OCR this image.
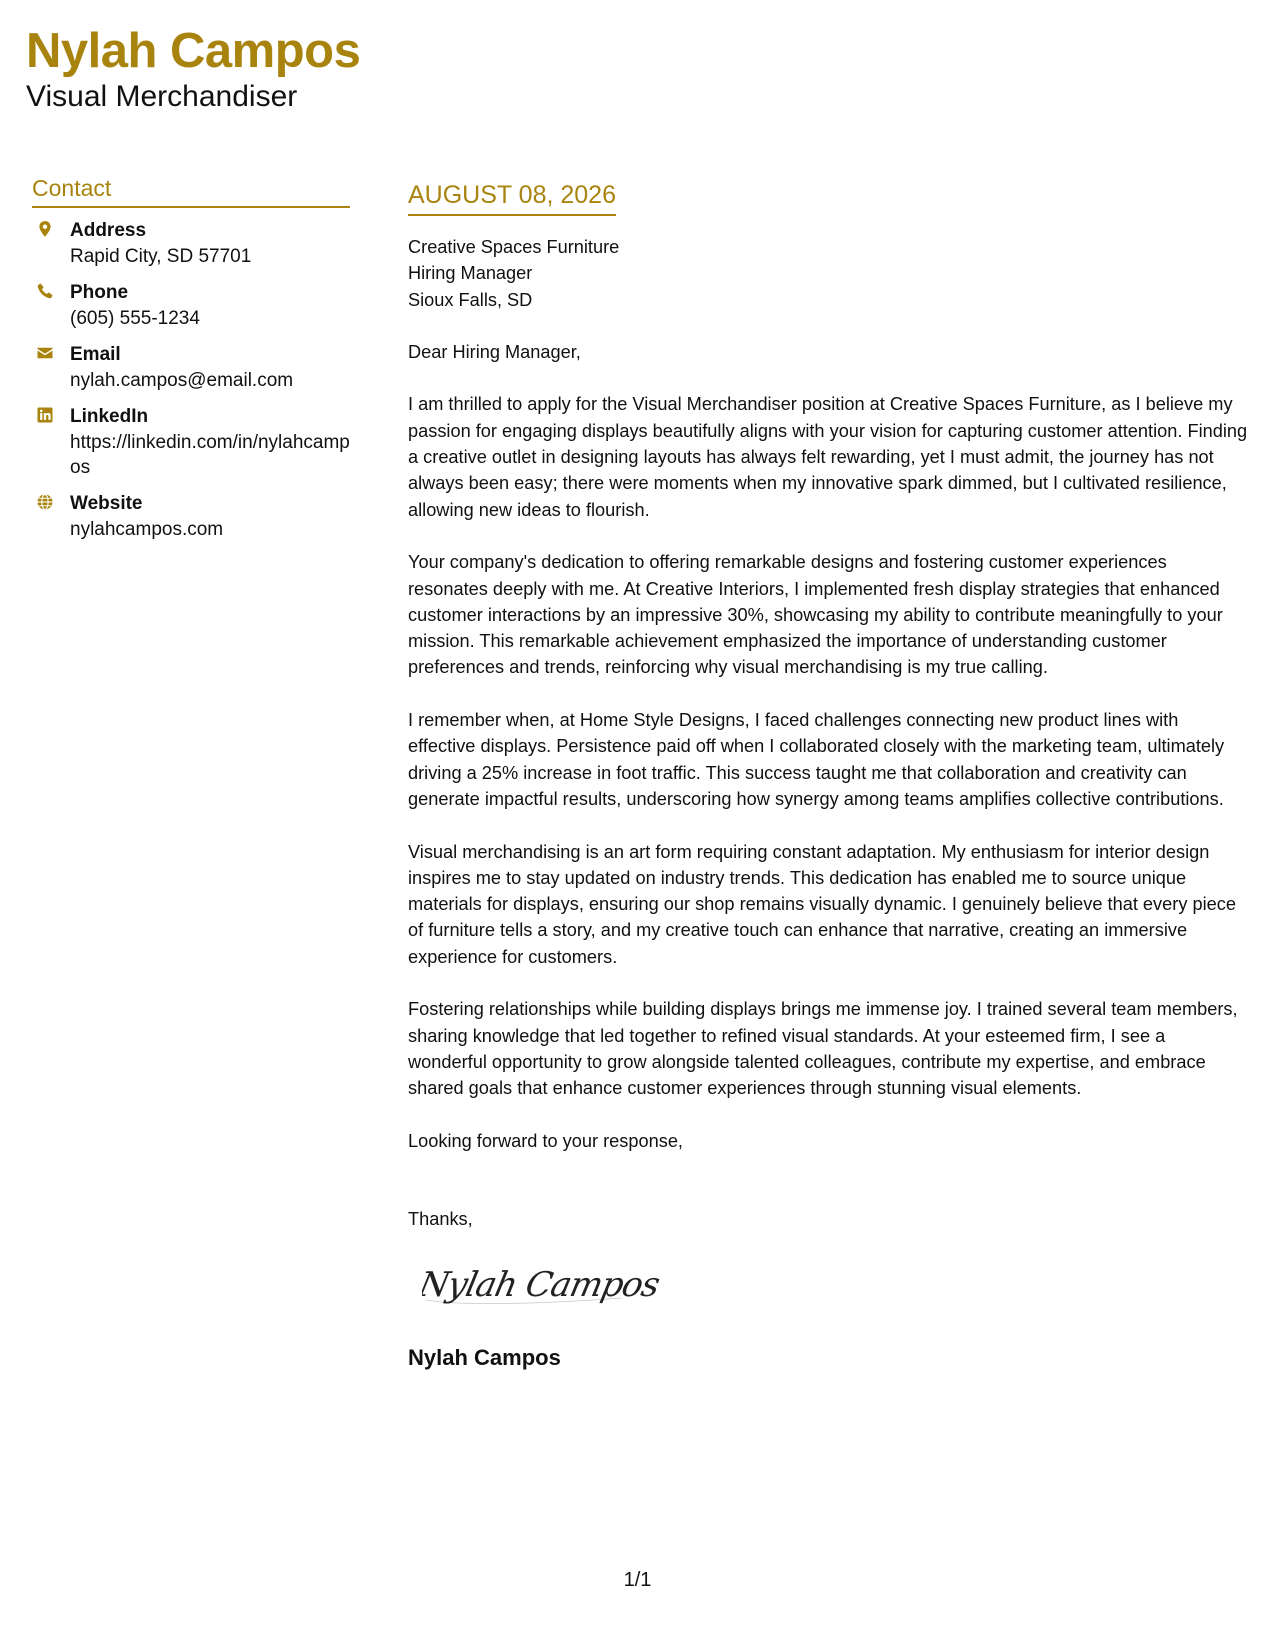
Nylah Campos
Visual Merchandiser
Contact
Address
Rapid City, SD 57701
Phone
(605) 555-1234
Email
nylah.campos@email.com
LinkedIn
https://linkedin.com/in/nylahcampos
Website
nylahcampos.com
AUGUST 08, 2026
Creative Spaces Furniture
Hiring Manager
Sioux Falls, SD

Dear Hiring Manager,

I am thrilled to apply for the Visual Merchandiser position at Creative Spaces Furniture, as I believe my passion for engaging displays beautifully aligns with your vision for capturing customer attention. Finding a creative outlet in designing layouts has always felt rewarding, yet I must admit, the journey has not always been easy; there were moments when my innovative spark dimmed, but I cultivated resilience, allowing new ideas to flourish.

Your company's dedication to offering remarkable designs and fostering customer experiences resonates deeply with me. At Creative Interiors, I implemented fresh display strategies that enhanced customer interactions by an impressive 30%, showcasing my ability to contribute meaningfully to your mission. This remarkable achievement emphasized the importance of understanding customer preferences and trends, reinforcing why visual merchandising is my true calling.

I remember when, at Home Style Designs, I faced challenges connecting new product lines with effective displays. Persistence paid off when I collaborated closely with the marketing team, ultimately driving a 25% increase in foot traffic. This success taught me that collaboration and creativity can generate impactful results, underscoring how synergy among teams amplifies collective contributions.

Visual merchandising is an art form requiring constant adaptation. My enthusiasm for interior design inspires me to stay updated on industry trends. This dedication has enabled me to source unique materials for displays, ensuring our shop remains visually dynamic. I genuinely believe that every piece of furniture tells a story, and my creative touch can enhance that narrative, creating an immersive experience for customers.

Fostering relationships while building displays brings me immense joy. I trained several team members, sharing knowledge that led together to refined visual standards. At your esteemed firm, I see a wonderful opportunity to grow alongside talented colleagues, contribute my expertise, and embrace shared goals that enhance customer experiences through stunning visual elements.

Looking forward to your response,

Thanks,
Nylah Campos
Nylah Campos
1/1
